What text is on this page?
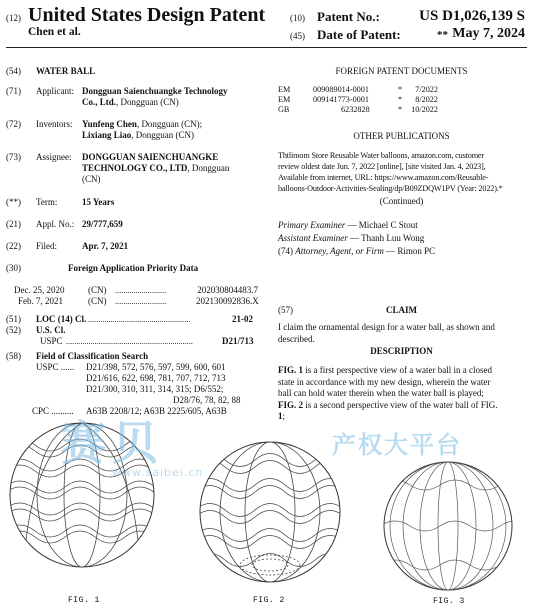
(12) United States Design Patent
Chen et al.
(10) Patent No.:	US D1,026,139 S
(45) Date of Patent:	** May 7, 2024
(54)	WATER BALL
(71)	Applicant: Dongguan Saienchuangke Technology
Co., Ltd., Dongguan (CN)
(72)	Inventors: Yunfeng Chen, Dongguan (CN);
Lixiang Liao, Dongguan (CN)
(73)	Assignee: DONGGUAN SAIENCHUANGKE
TECHNOLOGY CO., LTD, Dongguan
(CN)
(**)	Term:	15 Years
(21)	Appl. No.: 29/777,659
(22)	Filed:	Apr. 7, 2021
(30)	Foreign Application Priority Data
Dec. 25, 2020	(CN) .........................	202030804483.7
Feb. 7, 2021	(CN) .........................	202130092836.X
(51)	LOC (14) Cl. ..................................................	21-02
(52)	U.S. Cl.
USPC ..............................................................	D21/713
(58)	Field of Classification Search
USPC ...... D21/398, 572, 576, 597, 599, 600, 601
D21/616, 622, 698, 781, 707, 712, 713
D21/300, 310, 311, 314, 315; D6/552;
D28/76, 78, 82, 88
CPC .......... A63B 2208/12; A63B 2225/605, A63B
FOREIGN PATENT DOCUMENTS
EM	009089014-0001	*	7/2022
EM	009141773-0001	*	8/2022
GB	6232828	*	10/2022
OTHER PUBLICATIONS
Thtlimom Store Reusable Water balloons, amazon.com, customer
review oldest date Jun. 7, 2022 [online], [site visited Jan. 4, 2023],
Available from internet, URL: https://www.amazon.com/Reusable-
balloons-Outdoor-Activities-Sealing/dp/B09ZDQW1PV (Year: 2022).*
(Continued)
Primary Examiner — Michael C Stout
Assistant Examiner — Thanh Luu Wong
(74) Attorney, Agent, or Firm — Rimon PC
(57)	CLAIM
I claim the ornamental design for a water ball, as shown and
described.
DESCRIPTION
FIG. 1 is a first perspective view of a water ball in a closed
state in accordance with my new design, wherein the water
ball can hold water therein when the water ball is played;
FIG. 2 is a second perspective view of the water ball of FIG.
1;
FIG. 1	FIG. 2	FIG. 3
赛贝	产权大平台
www.saibei.cn
